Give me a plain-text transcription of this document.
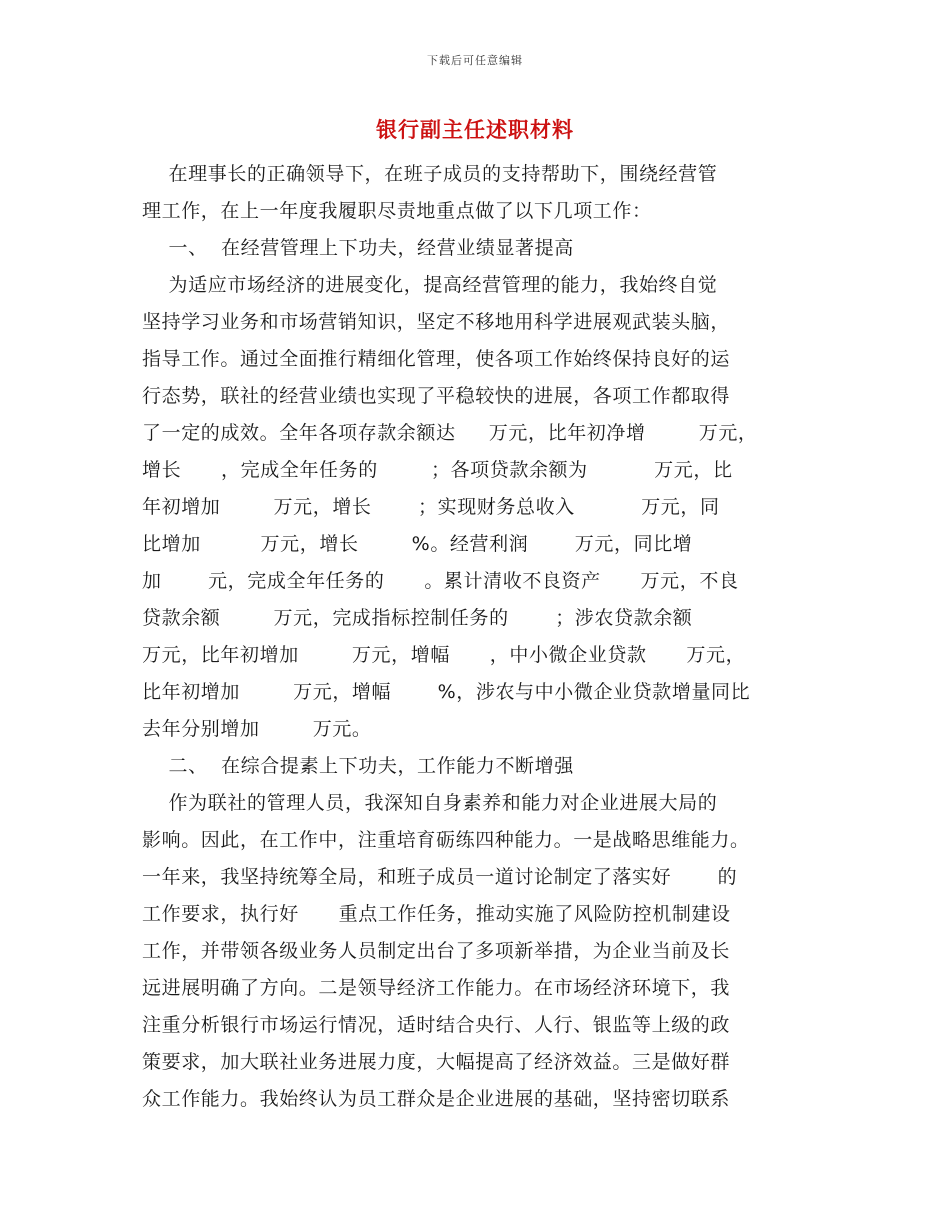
下载后可任意编辑
银行副主任述职材料
在理事长的正确领导下，在班子成员的支持帮助下，围绕经营管
理工作，在上一年度我履职尽责地重点做了以下几项工作：
一、  在经营管理上下功夫，经营业绩显著提高
为适应市场经济的进展变化，提高经营管理的能力，我始终自觉
坚持学习业务和市场营销知识，坚定不移地用科学进展观武装头脑，
指导工作。通过全面推行精细化管理，使各项工作始终保持良好的运
行态势，联社的经营业绩也实现了平稳较快的进展，各项工作都取得
了一定的成效。全年各项存款余额达     万元，比年初净增        万元，
增长      ，完成全年任务的        ；各项贷款余额为          万元，比
年初增加        万元，增长       ；实现财务总收入          万元，同
比增加         万元，增长        %。经营利润       万元，同比增
加       元，完成全年任务的      。累计清收不良资产      万元，不良
贷款余额        万元，完成指标控制任务的       ；涉农贷款余额
万元，比年初增加        万元，增幅      ，中小微企业贷款      万元，
比年初增加        万元，增幅       %，涉农与中小微企业贷款增量同比
去年分别增加        万元。
二、  在综合提素上下功夫，工作能力不断增强
作为联社的管理人员，我深知自身素养和能力对企业进展大局的
影响。因此，在工作中，注重培育砺练四种能力。一是战略思维能力。
一年来，我坚持统筹全局，和班子成员一道讨论制定了落实好       的
工作要求，执行好      重点工作任务，推动实施了风险防控机制建设
工作，并带领各级业务人员制定出台了多项新举措，为企业当前及长
远进展明确了方向。二是领导经济工作能力。在市场经济环境下，我
注重分析银行市场运行情况，适时结合央行、人行、银监等上级的政
策要求，加大联社业务进展力度，大幅提高了经济效益。三是做好群
众工作能力。我始终认为员工群众是企业进展的基础，坚持密切联系
